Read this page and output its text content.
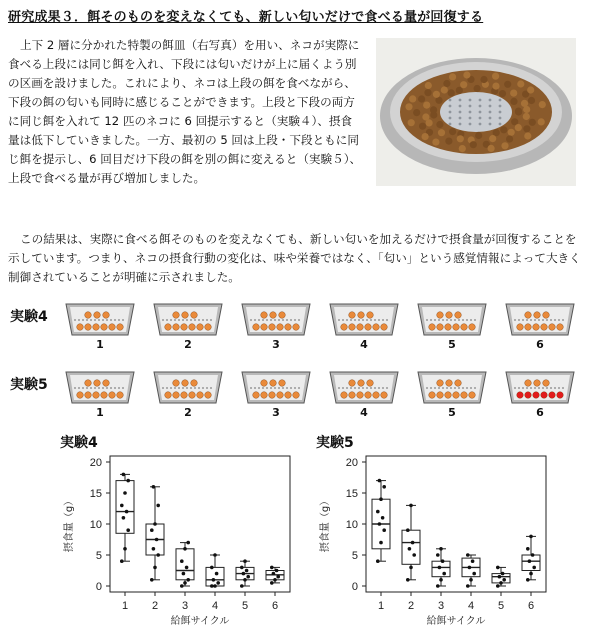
研究成果３．餌そのものを変えなくても、新しい匂いだけで食べる量が回復する

上下 2 層に分かれた特製の餌皿（右写真）を用い、ネコが実際に食べる上段には同じ餌を入れ、下段には匂いだけが上に届くよう別の区画を設けました。これにより、ネコは上段の餌を食べながら、下段の餌の匂いも同時に感じることができます。上段と下段の両方に同じ餌を入れて 12 匹のネコに 6 回提示すると（実験４）、摂食量は低下していきました。一方、最初の 5 回は上段・下段ともに同じ餌を提示し、6 回目だけ下段の餌を別の餌に変えると（実験５）、上段で食べる量が再び増加しました。

この結果は、実際に食べる餌そのものを変えなくても、新しい匂いを加えるだけで摂食量が回復することを示しています。つまり、ネコの摂食行動の変化は、味や栄養ではなく、「匂い」という感覚情報によって大きく制御されていることが明確に示されました。

実験4
1	2	3	4	5	6
実験5
1	2	3	4	5	6
実験4
0
5
10
15
20
1 2 3 4 5 6
摂食量（g）
給餌サイクル
実験5
0
5
10
15
20
1 2 3 4 5 6
摂食量（g）
給餌サイクル
